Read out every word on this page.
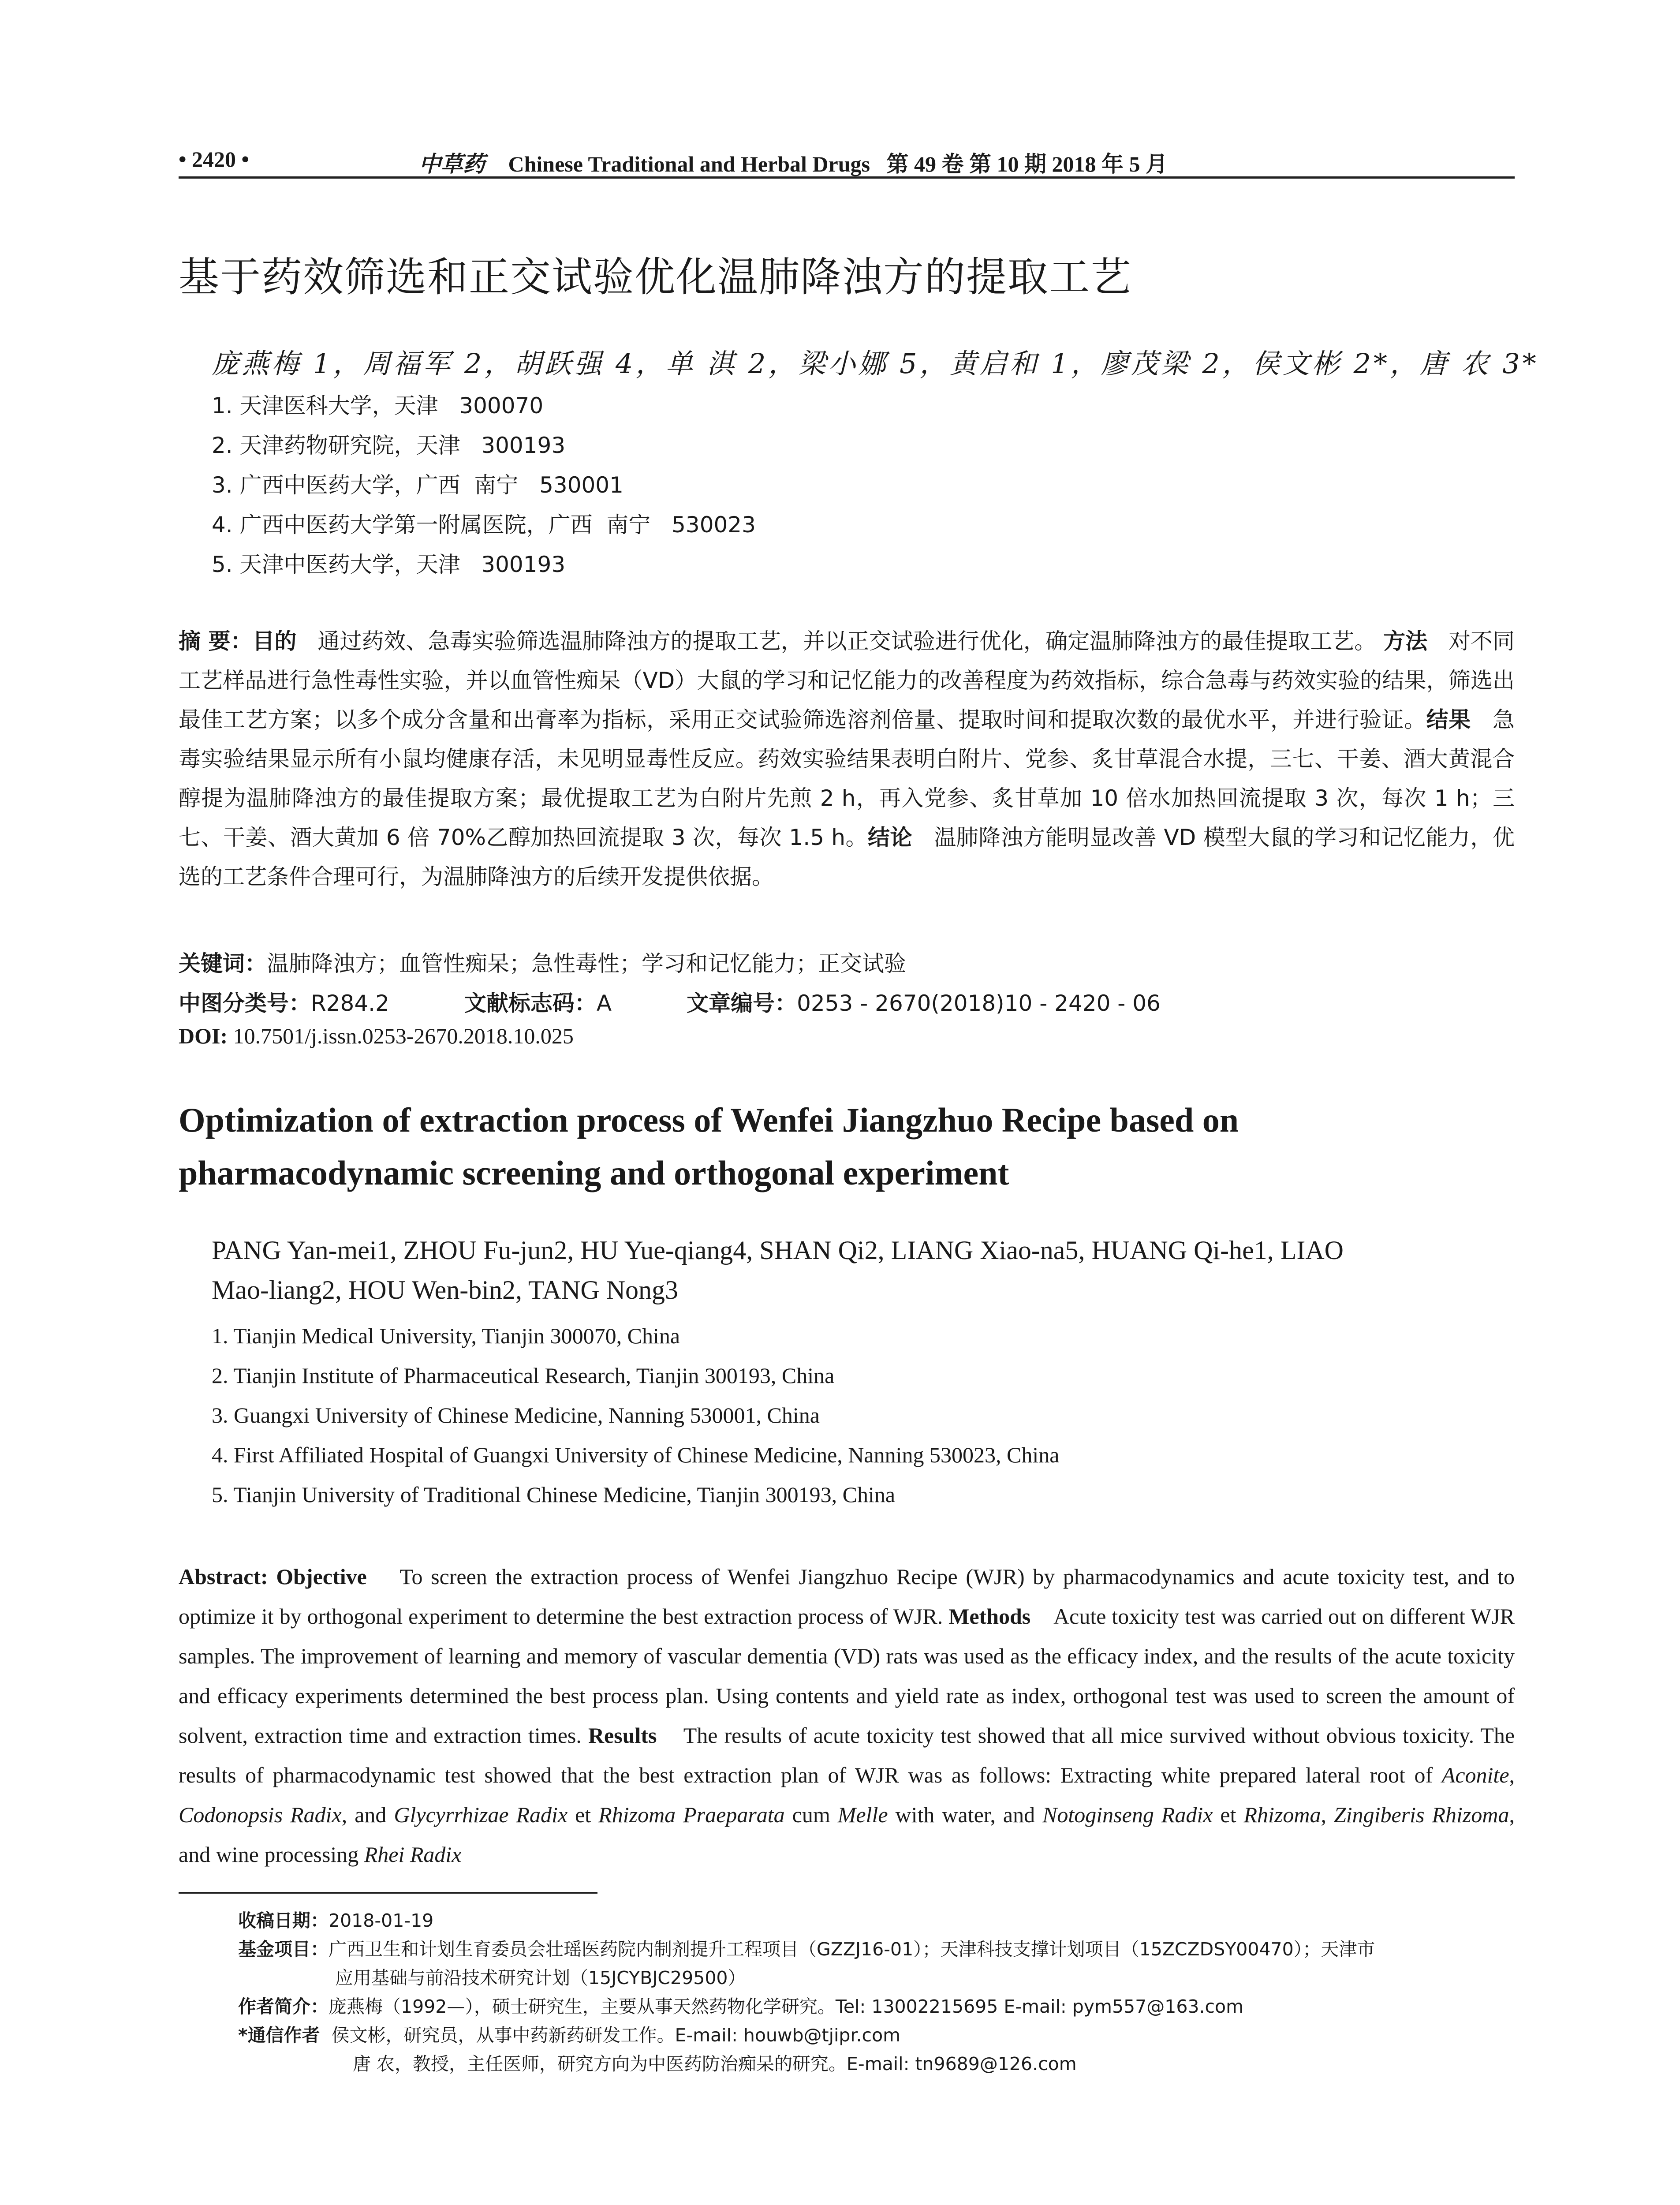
• 2420 •	中草药 Chinese Traditional and Herbal Drugs 第 49 卷 第 10 期 2018 年 5 月
基于药效筛选和正交试验优化温肺降浊方的提取工艺
庞燕梅 1，周福军 2，胡跃强 4，单 淇 2，梁小娜 5，黄启和 1，廖茂梁 2，侯文彬 2*，唐 农 3*
1. 天津医科大学，天津   300070
2. 天津药物研究院，天津   300193
3. 广西中医药大学，广西  南宁   530001
4. 广西中医药大学第一附属医院，广西  南宁   530023
5. 天津中医药大学，天津   300193
摘 要：目的 通过药效、急毒实验筛选温肺降浊方的提取工艺，并以正交试验进行优化，确定温肺降浊方的最佳提取工艺。 方法 对不同工艺样品进行急性毒性实验，并以血管性痴呆（VD）大鼠的学习和记忆能力的改善程度为药效指标，综合急毒与药效实验的结果，筛选出最佳工艺方案；以多个成分含量和出膏率为指标，采用正交试验筛选溶剂倍量、提取时间和提取次数的最优水平，并进行验证。结果 急毒实验结果显示所有小鼠均健康存活，未见明显毒性反应。药效实验结果表明白附片、党参、炙甘草混合水提，三七、干姜、酒大黄混合醇提为温肺降浊方的最佳提取方案；最优提取工艺为白附片先煎 2 h，再入党参、炙甘草加 10 倍水加热回流提取 3 次，每次 1 h；三七、干姜、酒大黄加 6 倍 70%乙醇加热回流提取 3 次，每次 1.5 h。结论 温肺降浊方能明显改善 VD 模型大鼠的学习和记忆能力，优选的工艺条件合理可行，为温肺降浊方的后续开发提供依据。
关键词：温肺降浊方；血管性痴呆；急性毒性；学习和记忆能力；正交试验
中图分类号：R284.2	文献标志码：A	文章编号：0253 - 2670(2018)10 - 2420 - 06
DOI: 10.7501/j.issn.0253-2670.2018.10.025
Optimization of extraction process of Wenfei Jiangzhuo Recipe based on pharmacodynamic screening and orthogonal experiment
PANG Yan-mei1, ZHOU Fu-jun2, HU Yue-qiang4, SHAN Qi2, LIANG Xiao-na5, HUANG Qi-he1, LIAO
Mao-liang2, HOU Wen-bin2, TANG Nong3
1. Tianjin Medical University, Tianjin 300070, China
2. Tianjin Institute of Pharmaceutical Research, Tianjin 300193, China
3. Guangxi University of Chinese Medicine, Nanning 530001, China
4. First Affiliated Hospital of Guangxi University of Chinese Medicine, Nanning 530023, China
5. Tianjin University of Traditional Chinese Medicine, Tianjin 300193, China
Abstract: Objective To screen the extraction process of Wenfei Jiangzhuo Recipe (WJR) by pharmacodynamics and acute toxicity test, and to optimize it by orthogonal experiment to determine the best extraction process of WJR. Methods Acute toxicity test was carried out on different WJR samples. The improvement of learning and memory of vascular dementia (VD) rats was used as the efficacy index, and the results of the acute toxicity and efficacy experiments determined the best process plan. Using contents and yield rate as index, orthogonal test was used to screen the amount of solvent, extraction time and extraction times. Results The results of acute toxicity test showed that all mice survived without obvious toxicity. The results of pharmacodynamic test showed that the best extraction plan of WJR was as follows: Extracting white prepared lateral root of Aconite, Codonopsis Radix, and Glycyrrhizae Radix et Rhizoma Praeparata cum Melle with water, and Notoginseng Radix et Rhizoma, Zingiberis Rhizoma, and wine processing Rhei Radix
收稿日期：2018-01-19
基金项目：广西卫生和计划生育委员会壮瑶医药院内制剂提升工程项目（GZZJ16-01）；天津科技支撑计划项目（15ZCZDSY00470）；天津市
应用基础与前沿技术研究计划（15JCYBJC29500）
作者简介：庞燕梅（1992—），硕士研究生，主要从事天然药物化学研究。Tel: 13002215695 E-mail: pym557@163.com
*通信作者 侯文彬，研究员，从事中药新药研发工作。E-mail: houwb@tjipr.com
唐 农，教授，主任医师，研究方向为中医药防治痴呆的研究。E-mail: tn9689@126.com
